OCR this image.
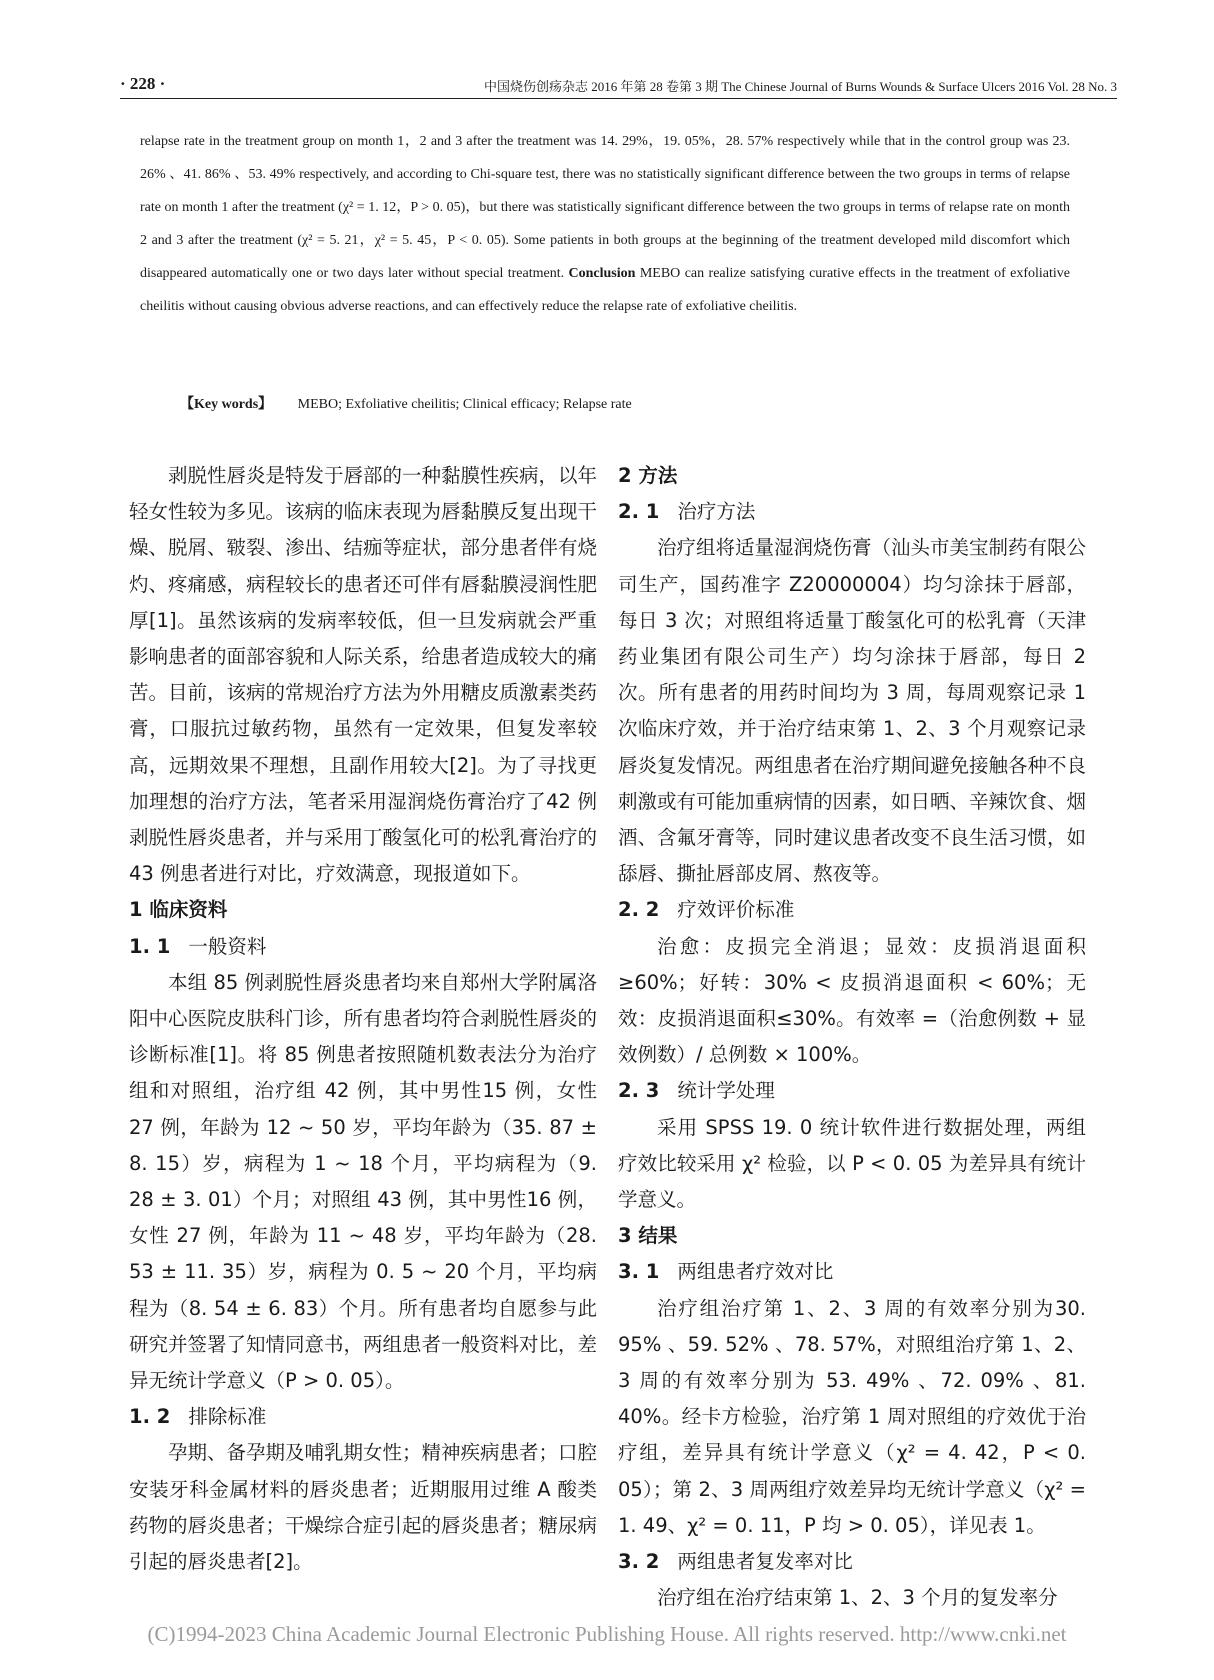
· 228 ·	中国烧伤创疡杂志 2016 年第 28 卷第 3 期 The Chinese Journal of Burns Wounds & Surface Ulcers 2016 Vol. 28 No. 3
relapse rate in the treatment group on month 1，2 and 3 after the treatment was 14. 29%，19. 05%，28. 57% respectively while that in the control group was 23. 26% 、41. 86% 、53. 49% respectively, and according to Chi-square test, there was no statistically significant difference between the two groups in terms of relapse rate on month 1 after the treatment (χ² = 1. 12，P > 0. 05)，but there was statistically significant difference between the two groups in terms of relapse rate on month 2 and 3 after the treatment (χ² = 5. 21，χ² = 5. 45，P < 0. 05). Some patients in both groups at the beginning of the treatment developed mild discomfort which disappeared automatically one or two days later without special treatment. Conclusion MEBO can realize satisfying curative effects in the treatment of exfoliative cheilitis without causing obvious adverse reactions, and can effectively reduce the relapse rate of exfoliative cheilitis.
【Key words】 MEBO; Exfoliative cheilitis; Clinical efficacy; Relapse rate

剥脱性唇炎是特发于唇部的一种黏膜性疾病，以年轻女性较为多见。该病的临床表现为唇黏膜反复出现干燥、脱屑、皲裂、渗出、结痂等症状，部分患者伴有烧灼、疼痛感，病程较长的患者还可伴有唇黏膜浸润性肥厚[1]。虽然该病的发病率较低，但一旦发病就会严重影响患者的面部容貌和人际关系，给患者造成较大的痛苦。目前，该病的常规治疗方法为外用糖皮质激素类药膏，口服抗过敏药物，虽然有一定效果，但复发率较高，远期效果不理想，且副作用较大[2]。为了寻找更加理想的治疗方法，笔者采用湿润烧伤膏治疗了42 例剥脱性唇炎患者，并与采用丁酸氢化可的松乳膏治疗的 43 例患者进行对比，疗效满意，现报道如下。

1 临床资料
1. 1 一般资料

本组 85 例剥脱性唇炎患者均来自郑州大学附属洛阳中心医院皮肤科门诊，所有患者均符合剥脱性唇炎的诊断标准[1]。将 85 例患者按照随机数表法分为治疗组和对照组，治疗组 42 例，其中男性15 例，女性 27 例，年龄为 12 ~ 50 岁，平均年龄为（35. 87 ± 8. 15）岁，病程为 1 ~ 18 个月，平均病程为（9. 28 ± 3. 01）个月；对照组 43 例，其中男性16 例，女性 27 例，年龄为 11 ~ 48 岁，平均年龄为（28. 53 ± 11. 35）岁，病程为 0. 5 ~ 20 个月，平均病程为（8. 54 ± 6. 83）个月。所有患者均自愿参与此研究并签署了知情同意书，两组患者一般资料对比，差异无统计学意义（P > 0. 05）。

1. 2 排除标准

孕期、备孕期及哺乳期女性；精神疾病患者；口腔安装牙科金属材料的唇炎患者；近期服用过维 A 酸类药物的唇炎患者；干燥综合症引起的唇炎患者；糖尿病引起的唇炎患者[2]。

2 方法
2. 1 治疗方法

治疗组将适量湿润烧伤膏（汕头市美宝制药有限公司生产，国药准字 Z20000004）均匀涂抹于唇部，每日 3 次；对照组将适量丁酸氢化可的松乳膏（天津药业集团有限公司生产）均匀涂抹于唇部，每日 2 次。所有患者的用药时间均为 3 周，每周观察记录 1 次临床疗效，并于治疗结束第 1、2、3 个月观察记录唇炎复发情况。两组患者在治疗期间避免接触各种不良刺激或有可能加重病情的因素，如日晒、辛辣饮食、烟酒、含氟牙膏等，同时建议患者改变不良生活习惯，如舔唇、撕扯唇部皮屑、熬夜等。

2. 2 疗效评价标准

治愈：皮损完全消退；显效：皮损消退面积≥60%；好转：30% < 皮损消退面积 < 60%；无效：皮损消退面积≤30%。有效率 =（治愈例数 + 显效例数）/ 总例数 × 100%。

2. 3 统计学处理

采用 SPSS 19. 0 统计软件进行数据处理，两组疗效比较采用 χ² 检验，以 P < 0. 05 为差异具有统计学意义。

3 结果
3. 1 两组患者疗效对比

治疗组治疗第 1、2、3 周的有效率分别为30. 95% 、59. 52% 、78. 57%，对照组治疗第 1、2、3 周的有效率分别为 53. 49% 、72. 09% 、81. 40%。经卡方检验，治疗第 1 周对照组的疗效优于治疗组，差异具有统计学意义（χ² = 4. 42，P < 0. 05）；第 2、3 周两组疗效差异均无统计学意义（χ² = 1. 49、χ² = 0. 11，P 均 > 0. 05），详见表 1。

3. 2 两组患者复发率对比

治疗组在治疗结束第 1、2、3 个月的复发率分

(C)1994-2023 China Academic Journal Electronic Publishing House. All rights reserved. http://www.cnki.net
